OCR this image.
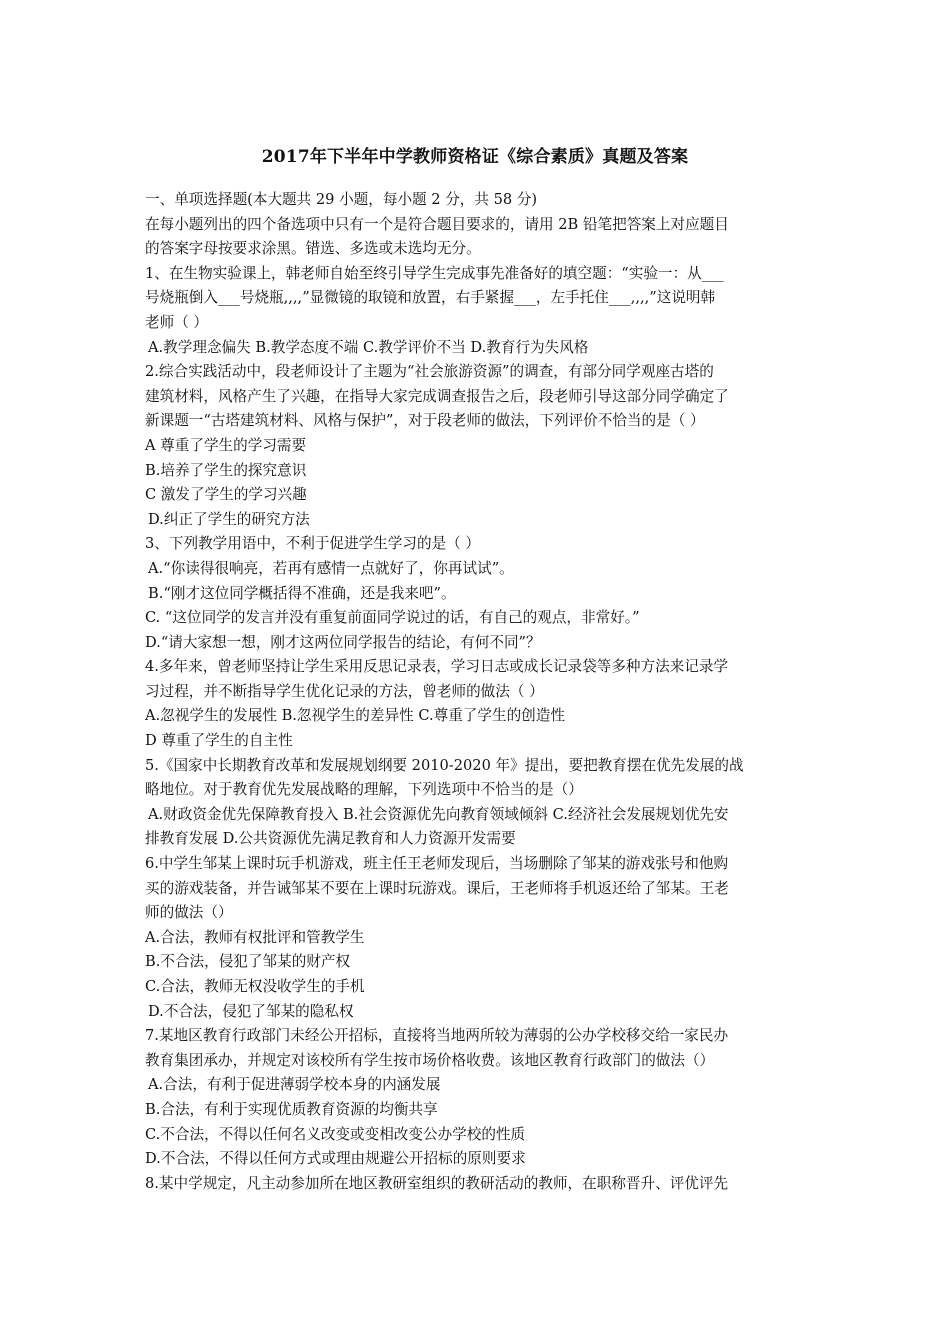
2017年下半年中学教师资格证《综合素质》真题及答案
一、单项选择题(本大题共 29 小题，每小题 2 分，共 58 分)
在每小题列出的四个备选项中只有一个是符合题目要求的，请用 2B 铅笔把答案上对应题目
的答案字母按要求涂黑。错选、多选或未选均无分。
1、在生物实验课上，韩老师自始至终引导学生完成事先准备好的填空题：“实验一：从___
号烧瓶倒入___号烧瓶,,,,”显微镜的取镜和放置，右手紧握___，左手托住___,,,,”这说明韩
老师（ ）
A.教学理念偏失 B.教学态度不端 C.教学评价不当 D.教育行为失风格
2.综合实践活动中，段老师设计了主题为“社会旅游资源”的调查，有部分同学观座古塔的
建筑材料，风格产生了兴趣，在指导大家完成调查报告之后，段老师引导这部分同学确定了
新课题一“古塔建筑材料、风格与保护”，对于段老师的做法，下列评价不恰当的是（ ）
A 尊重了学生的学习需要
B.培养了学生的探究意识
C 激发了学生的学习兴趣
D.纠正了学生的研究方法
3、下列教学用语中，不利于促进学生学习的是（ ）
A.“你读得很响亮，若再有感情一点就好了，你再试试”。
B.“刚才这位同学概括得不准确，还是我来吧”。
C. “这位同学的发言并没有重复前面同学说过的话，有自己的观点，非常好。”
D.“请大家想一想，刚才这两位同学报告的结论，有何不同”？
4.多年来，曾老师坚持让学生采用反思记录表，学习日志或成长记录袋等多种方法来记录学
习过程，并不断指导学生优化记录的方法，曾老师的做法（ ）
A.忽视学生的发展性 B.忽视学生的差异性 C.尊重了学生的创造性
D 尊重了学生的自主性
5.《国家中长期教育改革和发展规划纲要 2010-2020 年》提出，要把教育摆在优先发展的战
略地位。对于教育优先发展战略的理解，下列选项中不恰当的是（）
A.财政资金优先保障教育投入 B.社会资源优先向教育领域倾斜 C.经济社会发展规划优先安
排教育发展 D.公共资源优先满足教育和人力资源开发需要
6.中学生邹某上课时玩手机游戏，班主任王老师发现后，当场删除了邹某的游戏张号和他购
买的游戏装备，并告诫邹某不要在上课时玩游戏。课后，王老师将手机返还给了邹某。王老
师的做法（）
A.合法，教师有权批评和管教学生
B.不合法，侵犯了邹某的财产权
C.合法，教师无权没收学生的手机
D.不合法，侵犯了邹某的隐私权
7.某地区教育行政部门未经公开招标，直接将当地两所较为薄弱的公办学校移交给一家民办
教育集团承办，并规定对该校所有学生按市场价格收费。该地区教育行政部门的做法（）
A.合法，有利于促进薄弱学校本身的内涵发展
B.合法，有利于实现优质教育资源的均衡共享
C.不合法，不得以任何名义改变或变相改变公办学校的性质
D.不合法，不得以任何方式或理由规避公开招标的原则要求
8.某中学规定，凡主动参加所在地区教研室组织的教研活动的教师，在职称晋升、评优评先
